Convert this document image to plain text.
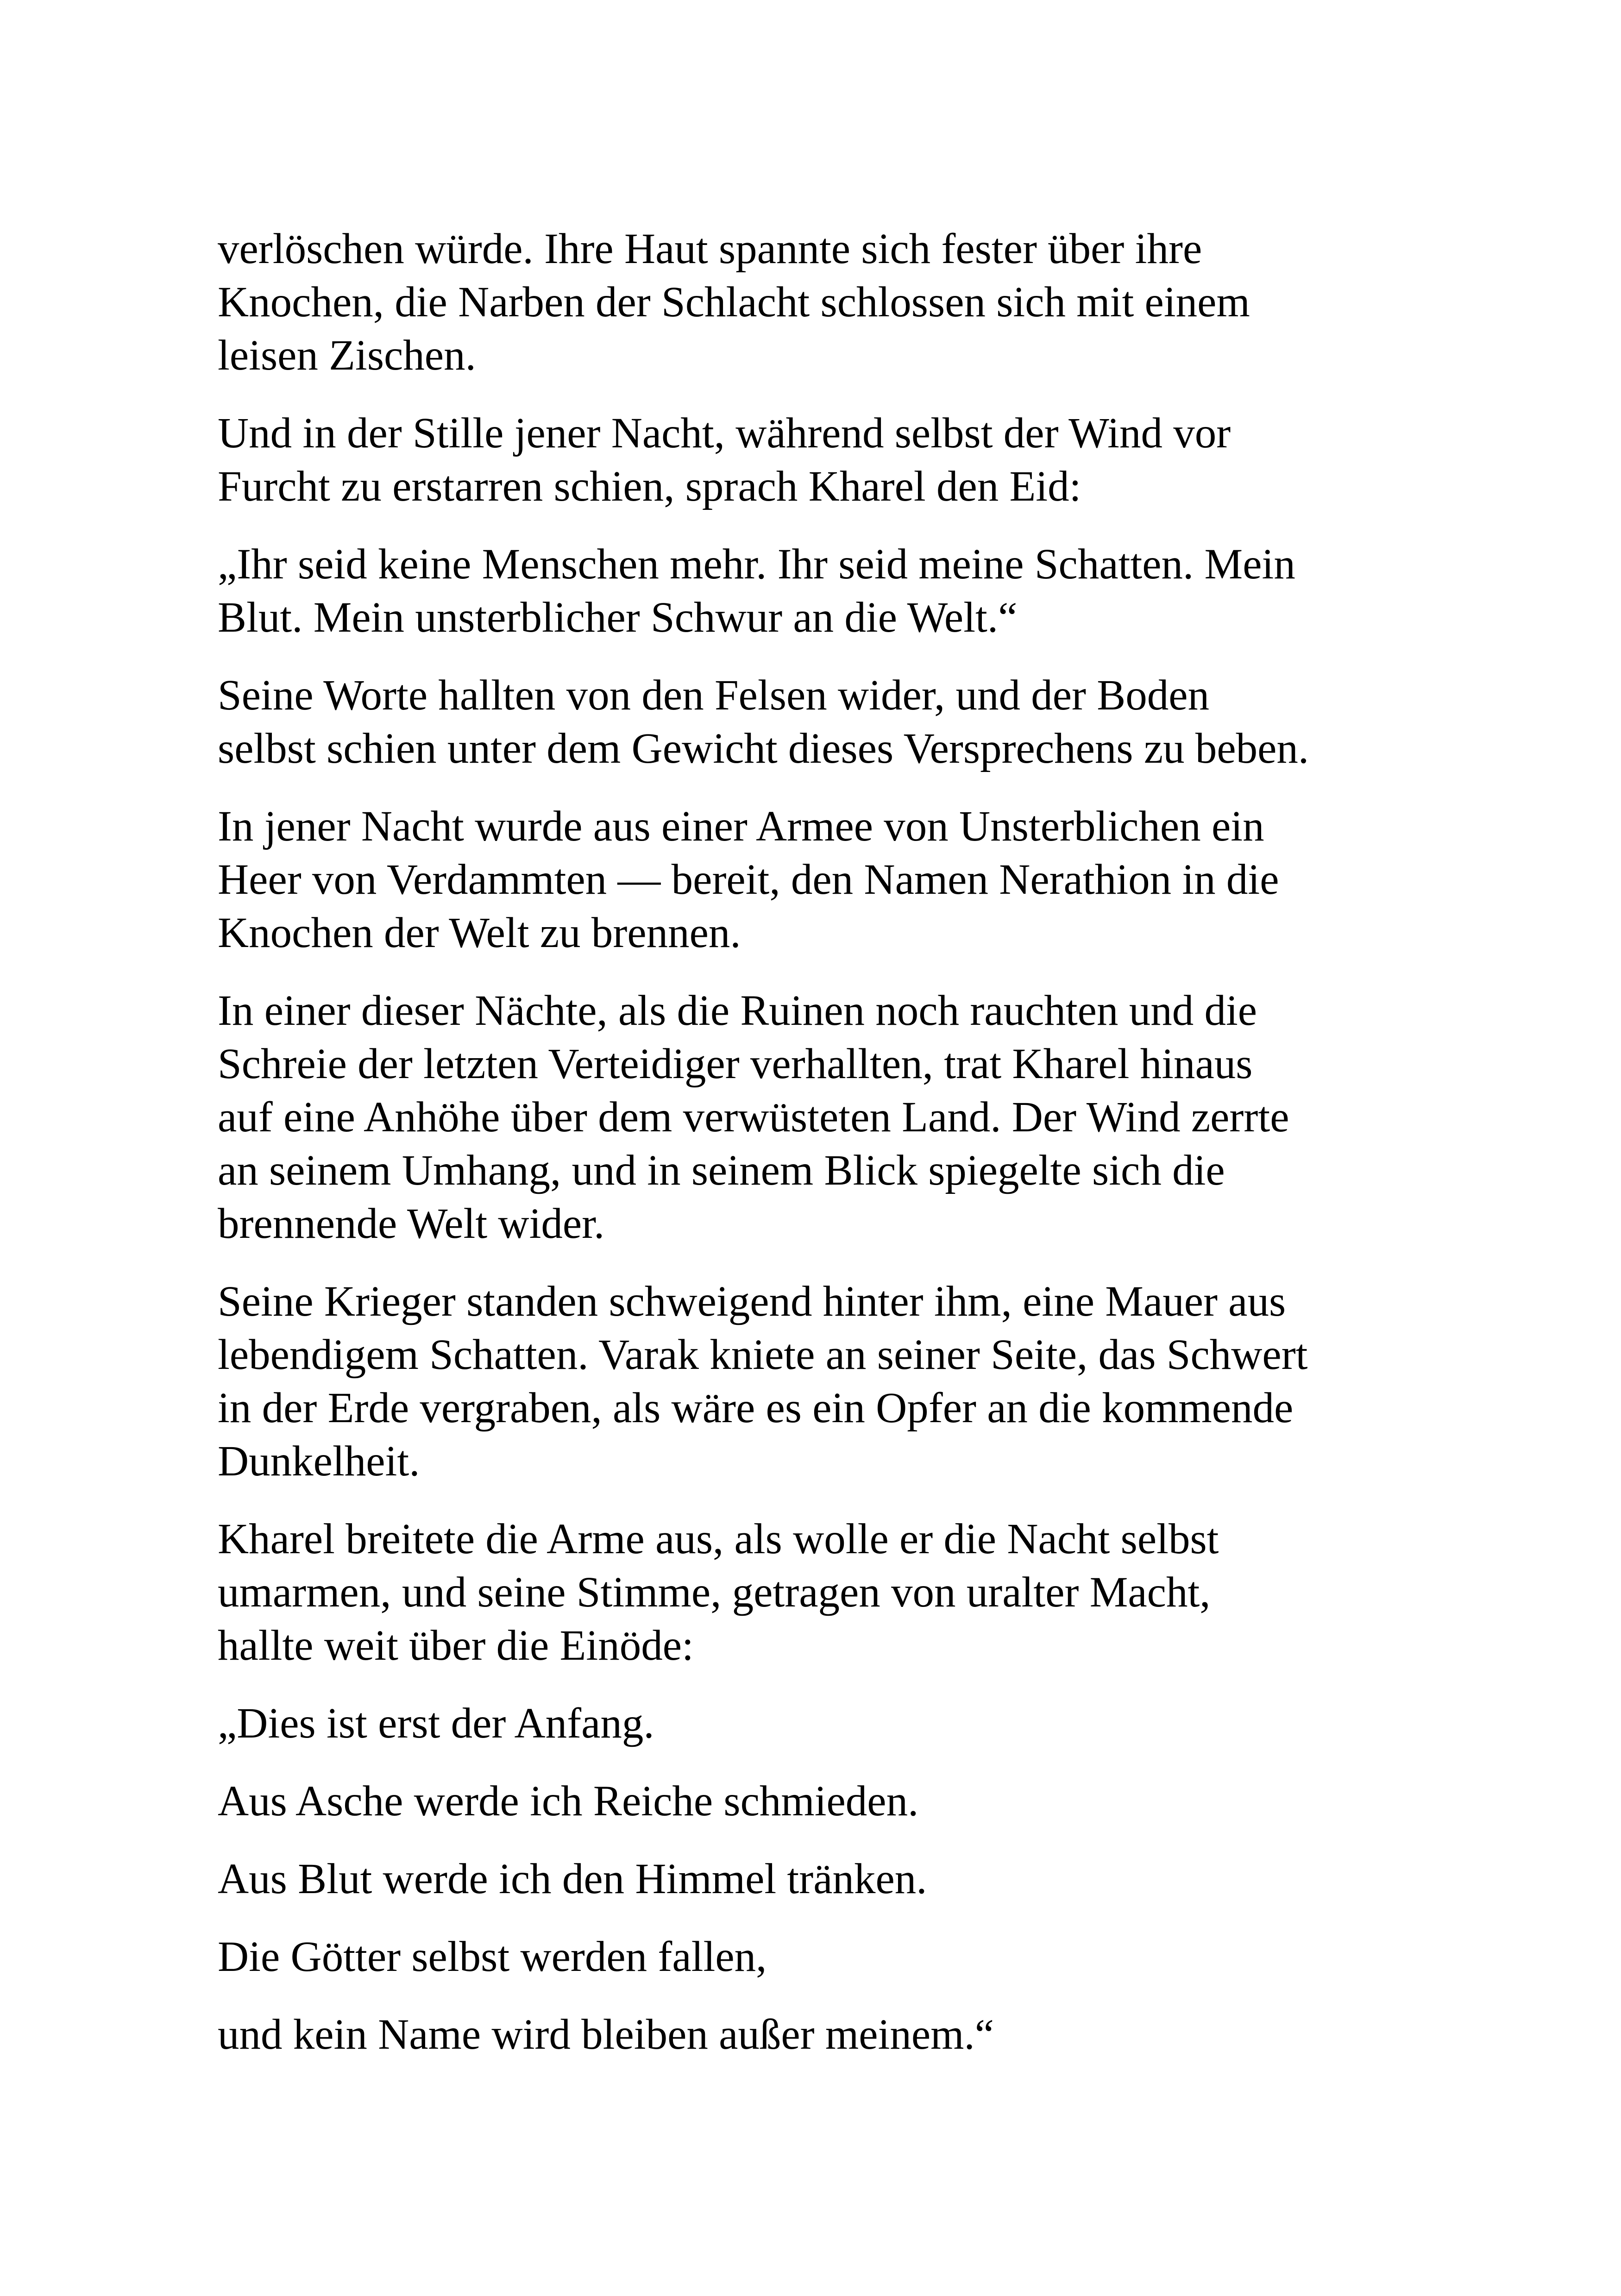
verlöschen würde. Ihre Haut spannte sich fester über ihre
Knochen, die Narben der Schlacht schlossen sich mit einem
leisen Zischen.

Und in der Stille jener Nacht, während selbst der Wind vor
Furcht zu erstarren schien, sprach Kharel den Eid:

„Ihr seid keine Menschen mehr. Ihr seid meine Schatten. Mein
Blut. Mein unsterblicher Schwur an die Welt.“

Seine Worte hallten von den Felsen wider, und der Boden
selbst schien unter dem Gewicht dieses Versprechens zu beben.

In jener Nacht wurde aus einer Armee von Unsterblichen ein
Heer von Verdammten — bereit, den Namen Nerathion in die
Knochen der Welt zu brennen.

In einer dieser Nächte, als die Ruinen noch rauchten und die
Schreie der letzten Verteidiger verhallten, trat Kharel hinaus
auf eine Anhöhe über dem verwüsteten Land. Der Wind zerrte
an seinem Umhang, und in seinem Blick spiegelte sich die
brennende Welt wider.

Seine Krieger standen schweigend hinter ihm, eine Mauer aus
lebendigem Schatten. Varak kniete an seiner Seite, das Schwert
in der Erde vergraben, als wäre es ein Opfer an die kommende
Dunkelheit.

Kharel breitete die Arme aus, als wolle er die Nacht selbst
umarmen, und seine Stimme, getragen von uralter Macht,
hallte weit über die Einöde:

„Dies ist erst der Anfang.

Aus Asche werde ich Reiche schmieden.

Aus Blut werde ich den Himmel tränken.

Die Götter selbst werden fallen,

und kein Name wird bleiben außer meinem.“
